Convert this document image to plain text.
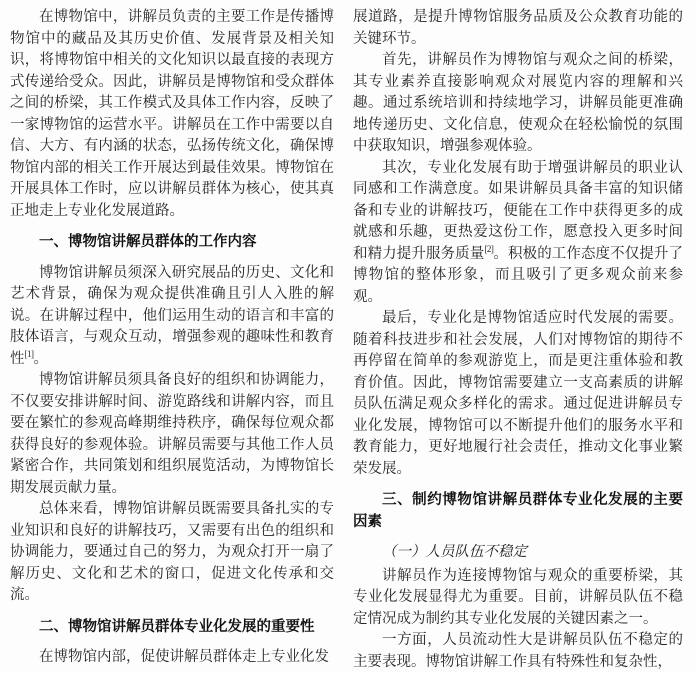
在博物馆中，讲解员负责的主要工作是传播博物馆中的藏品及其历史价值、发展背景及相关知识，将博物馆中相关的文化知识以最直接的表现方式传递给受众。因此，讲解员是博物馆和受众群体之间的桥梁，其工作模式及具体工作内容，反映了一家博物馆的运营水平。讲解员在工作中需要以自信、大方、有内涵的状态，弘扬传统文化，确保博物馆内部的相关工作开展达到最佳效果。博物馆在开展具体工作时，应以讲解员群体为核心，使其真正地走上专业化发展道路。

一、博物馆讲解员群体的工作内容

博物馆讲解员须深入研究展品的历史、文化和艺术背景，确保为观众提供准确且引人入胜的解说。在讲解过程中，他们运用生动的语言和丰富的肢体语言，与观众互动，增强参观的趣味性和教育性[1]。

博物馆讲解员须具备良好的组织和协调能力，不仅要安排讲解时间、游览路线和讲解内容，而且要在繁忙的参观高峰期维持秩序，确保每位观众都获得良好的参观体验。讲解员需要与其他工作人员紧密合作，共同策划和组织展览活动，为博物馆长期发展贡献力量。

总体来看，博物馆讲解员既需要具备扎实的专业知识和良好的讲解技巧，又需要有出色的组织和协调能力，要通过自己的努力，为观众打开一扇了解历史、文化和艺术的窗口，促进文化传承和交流。

二、博物馆讲解员群体专业化发展的重要性

在博物馆内部，促使讲解员群体走上专业化发

展道路，是提升博物馆服务品质及公众教育功能的关键环节。

首先，讲解员作为博物馆与观众之间的桥梁，其专业素养直接影响观众对展览内容的理解和兴趣。通过系统培训和持续地学习，讲解员能更准确地传递历史、文化信息，使观众在轻松愉悦的氛围中获取知识，增强参观体验。

其次，专业化发展有助于增强讲解员的职业认同感和工作满意度。如果讲解员具备丰富的知识储备和专业的讲解技巧，便能在工作中获得更多的成就感和乐趣，更热爱这份工作，愿意投入更多时间和精力提升服务质量[2]。积极的工作态度不仅提升了博物馆的整体形象，而且吸引了更多观众前来参观。

最后，专业化是博物馆适应时代发展的需要。随着科技进步和社会发展，人们对博物馆的期待不再停留在简单的参观游览上，而是更注重体验和教育价值。因此，博物馆需要建立一支高素质的讲解员队伍满足观众多样化的需求。通过促进讲解员专业化发展，博物馆可以不断提升他们的服务水平和教育能力，更好地履行社会责任，推动文化事业繁荣发展。

三、制约博物馆讲解员群体专业化发展的主要因素

（一）人员队伍不稳定

讲解员作为连接博物馆与观众的重要桥梁，其专业化发展显得尤为重要。目前，讲解员队伍不稳定情况成为制约其专业化发展的关键因素之一。

一方面，人员流动性大是讲解员队伍不稳定的主要表现。博物馆讲解工作具有特殊性和复杂性，
